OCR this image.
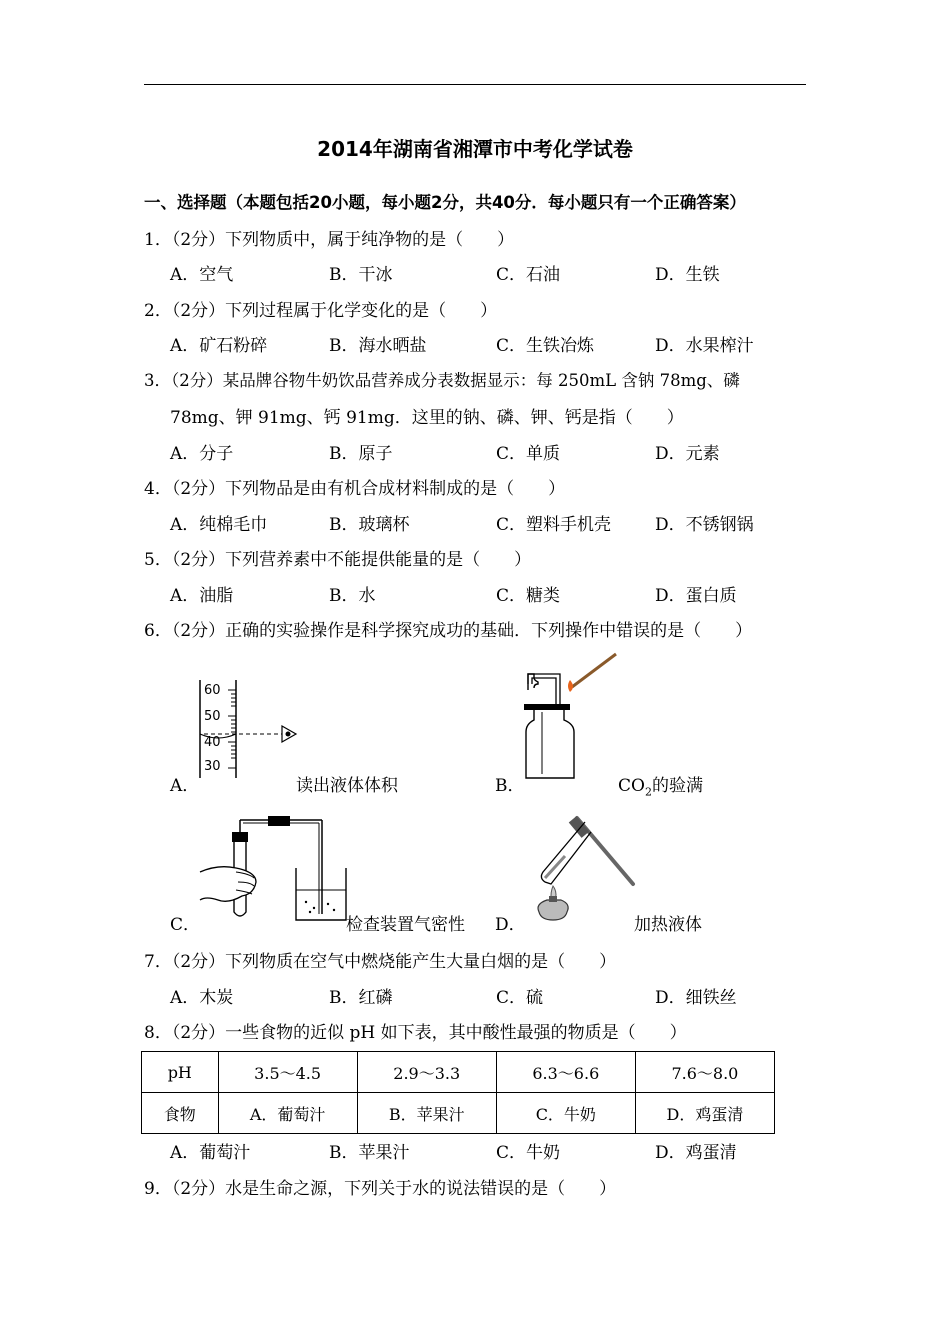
2014年湖南省湘潭市中考化学试卷
一、选择题（本题包括20小题，每小题2分，共40分．每小题只有一个正确答案）
1．（2分）下列物质中，属于纯净物的是（　　）
A．空气	B．干冰	C．石油	D．生铁
2．（2分）下列过程属于化学变化的是（　　）
A．矿石粉碎	B．海水晒盐	C．生铁冶炼	D．水果榨汁
3．（2分）某品牌谷物牛奶饮品营养成分表数据显示：每 250mL 含钠 78mg、磷
78mg、钾 91mg、钙 91mg．这里的钠、磷、钾、钙是指（　　）
A．分子	B．原子	C．单质	D．元素
4．（2分）下列物品是由有机合成材料制成的是（　　）
A．纯棉毛巾	B．玻璃杯	C．塑料手机壳	D．不锈钢锅
5．（2分）下列营养素中不能提供能量的是（　　）
A．油脂	B．水	C．糖类	D．蛋白质
6．（2分）正确的实验操作是科学探究成功的基础．下列操作中错误的是（　　）
A．
60
50
40
30
读出液体体积	B．	$CO_2$的验满
C．	检查装置气密性 D．	加热液体
7．（2分）下列物质在空气中燃烧能产生大量白烟的是（　　）
A．木炭	B．红磷	C．硫	D．细铁丝
8．（2分）一些食物的近似 pH 如下表，其中酸性最强的物质是（　　）
pH	3.5～4.5	2.9～3.3	6.3～6.6	7.6～8.0
食物	A．葡萄汁	B．苹果汁	C．牛奶	D．鸡蛋清
A．葡萄汁	B．苹果汁	C．牛奶	D．鸡蛋清
9．（2分）水是生命之源，下列关于水的说法错误的是（　　）
